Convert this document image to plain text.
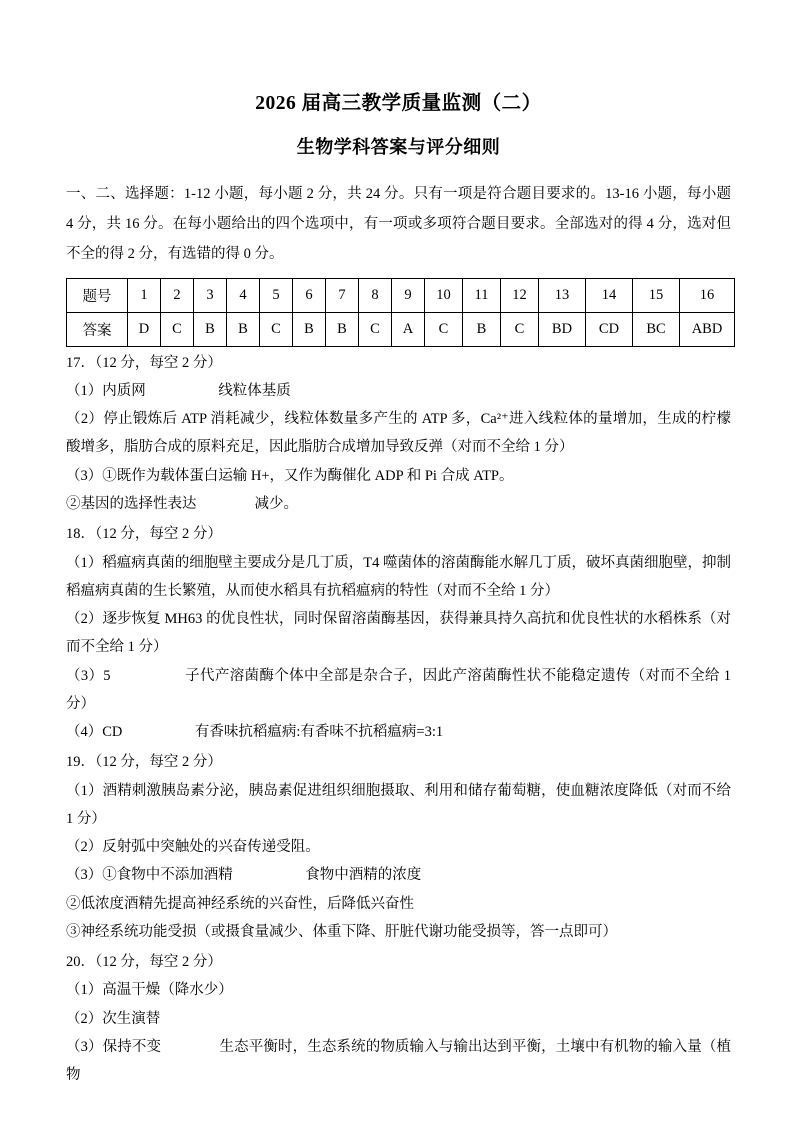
2026 届高三教学质量监测（二）
生物学科答案与评分细则
一、二、选择题：1-12 小题，每小题 2 分，共 24 分。只有一项是符合题目要求的。13-16 小题，每小题 4 分，共 16 分。在每小题给出的四个选项中，有一项或多项符合题目要求。全部选对的得 4 分，选对但不全的得 2 分，有选错的得 0 分。
题号	1	2	3	4	5	6	7	8	9	10	11	12	13	14	15	16
答案	D	C	B	B	C	B	B	C	A	C	B	C	BD	CD	BC	ABD
17．（12 分，每空 2 分）
（1）内质网　　　　　线粒体基质
（2）停止锻炼后 ATP 消耗减少，线粒体数量多产生的 ATP 多，Ca²⁺进入线粒体的量增加，生成的柠檬酸增多，脂肪合成的原料充足，因此脂肪合成增加导致反弹（对而不全给 1 分）
（3）①既作为载体蛋白运输 H+，又作为酶催化 ADP 和 Pi 合成 ATP。
②基因的选择性表达　　　　减少。
18．（12 分，每空 2 分）
（1）稻瘟病真菌的细胞壁主要成分是几丁质，T4 噬菌体的溶菌酶能水解几丁质，破坏真菌细胞壁，抑制稻瘟病真菌的生长繁殖，从而使水稻具有抗稻瘟病的特性（对而不全给 1 分）
（2）逐步恢复 MH63 的优良性状，同时保留溶菌酶基因，获得兼具持久高抗和优良性状的水稻株系（对而不全给 1 分）
（3）5　　　　　子代产溶菌酶个体中全部是杂合子，因此产溶菌酶性状不能稳定遗传（对而不全给 1 分）
（4）CD　　　　　有香味抗稻瘟病:有香味不抗稻瘟病=3:1
19．（12 分，每空 2 分）
（1）酒精刺激胰岛素分泌，胰岛素促进组织细胞摄取、利用和储存葡萄糖，使血糖浓度降低（对而不给 1 分）
（2）反射弧中突触处的兴奋传递受阻。
（3）①食物中不添加酒精　　　　　食物中酒精的浓度
②低浓度酒精先提高神经系统的兴奋性，后降低兴奋性
③神经系统功能受损（或摄食量减少、体重下降、肝脏代谢功能受损等，答一点即可）
20．（12 分，每空 2 分）
（1）高温干燥（降水少）
（2）次生演替
（3）保持不变　　　　生态平衡时，生态系统的物质输入与输出达到平衡，土壤中有机物的输入量（植物
